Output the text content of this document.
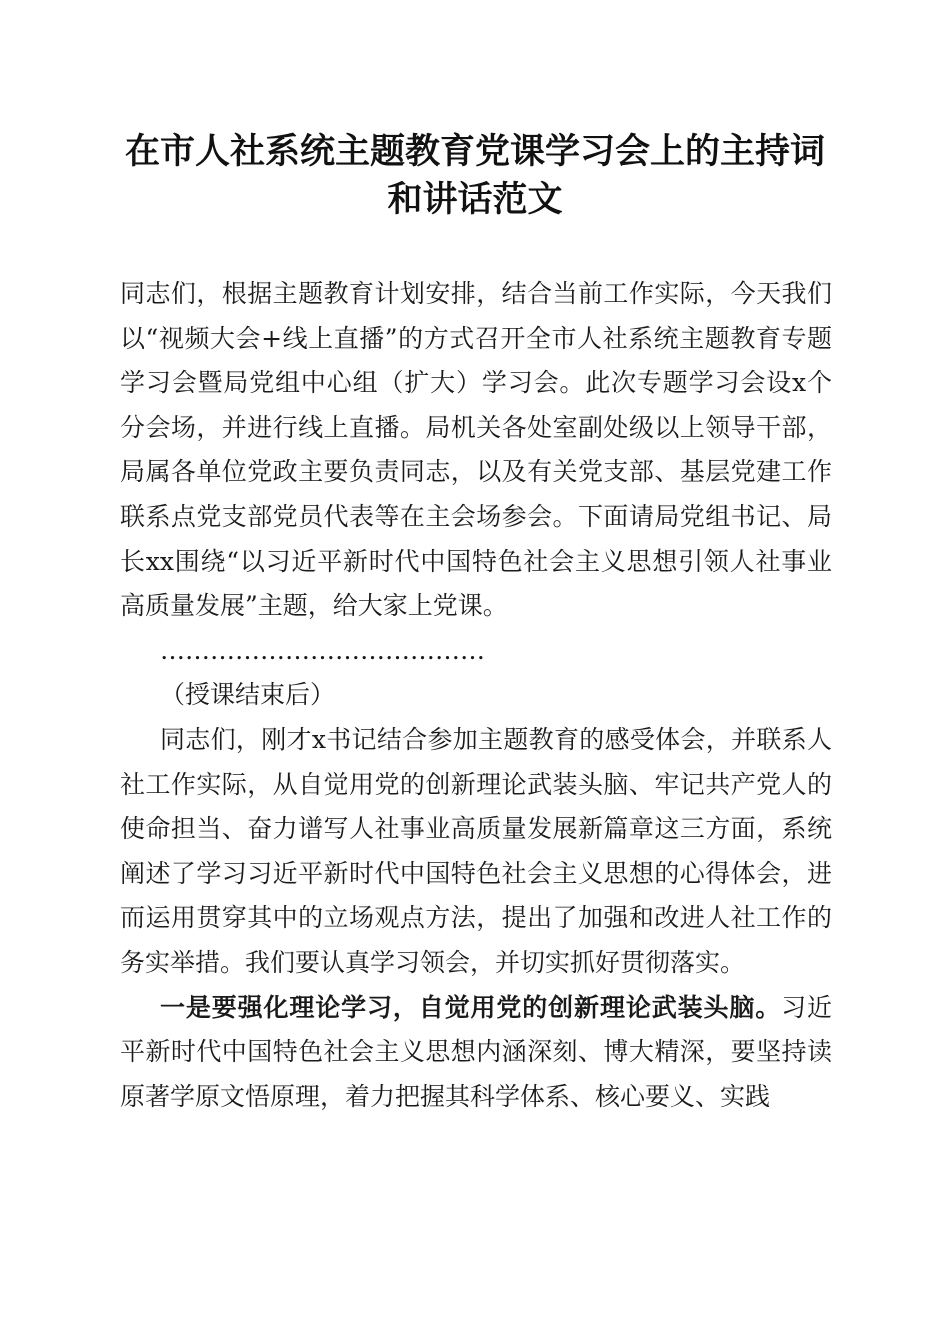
在市人社系统主题教育党课学习会上的主持词
和讲话范文

同志们，根据主题教育计划安排，结合当前工作实际，今天我们以“视频大会+线上直播”的方式召开全市人社系统主题教育专题学习会暨局党组中心组（扩大）学习会。此次专题学习会设x个分会场，并进行线上直播。局机关各处室副处级以上领导干部，局属各单位党政主要负责同志，以及有关党支部、基层党建工作联系点党支部党员代表等在主会场参会。下面请局党组书记、局长xx围绕“以习近平新时代中国特色社会主义思想引领人社事业高质量发展”主题，给大家上党课。

…………………………………

（授课结束后）

同志们，刚才x书记结合参加主题教育的感受体会，并联系人社工作实际，从自觉用党的创新理论武装头脑、牢记共产党人的使命担当、奋力谱写人社事业高质量发展新篇章这三方面，系统阐述了学习习近平新时代中国特色社会主义思想的心得体会，进而运用贯穿其中的立场观点方法，提出了加强和改进人社工作的务实举措。我们要认真学习领会，并切实抓好贯彻落实。

一是要强化理论学习，自觉用党的创新理论武装头脑。习近平新时代中国特色社会主义思想内涵深刻、博大精深，要坚持读原著学原文悟原理，着力把握其科学体系、核心要义、实践
